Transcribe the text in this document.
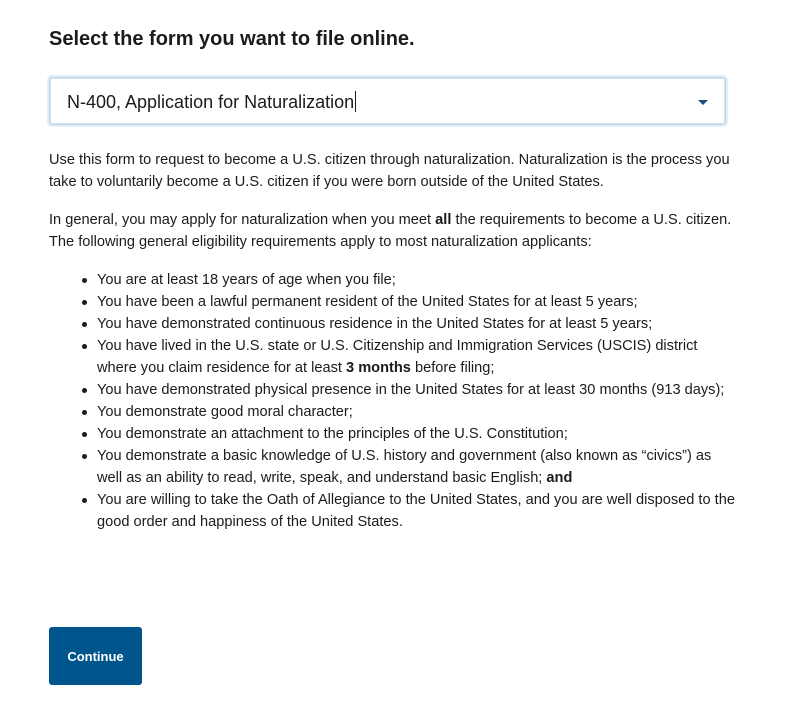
Select the form you want to file online.
N-400, Application for Naturalization

Use this form to request to become a U.S. citizen through naturalization. Naturalization is the process you take to voluntarily become a U.S. citizen if you were born outside of the United States.

In general, you may apply for naturalization when you meet all the requirements to become a U.S. citizen. The following general eligibility requirements apply to most naturalization applicants:

You are at least 18 years of age when you file;
You have been a lawful permanent resident of the United States for at least 5 years;
You have demonstrated continuous residence in the United States for at least 5 years;
You have lived in the U.S. state or U.S. Citizenship and Immigration Services (USCIS) district where you claim residence for at least 3 months before filing;
You have demonstrated physical presence in the United States for at least 30 months (913 days);
You demonstrate good moral character;
You demonstrate an attachment to the principles of the U.S. Constitution;
You demonstrate a basic knowledge of U.S. history and government (also known as “civics”) as well as an ability to read, write, speak, and understand basic English; and
You are willing to take the Oath of Allegiance to the United States, and you are well disposed to the good order and happiness of the United States.
Continue
